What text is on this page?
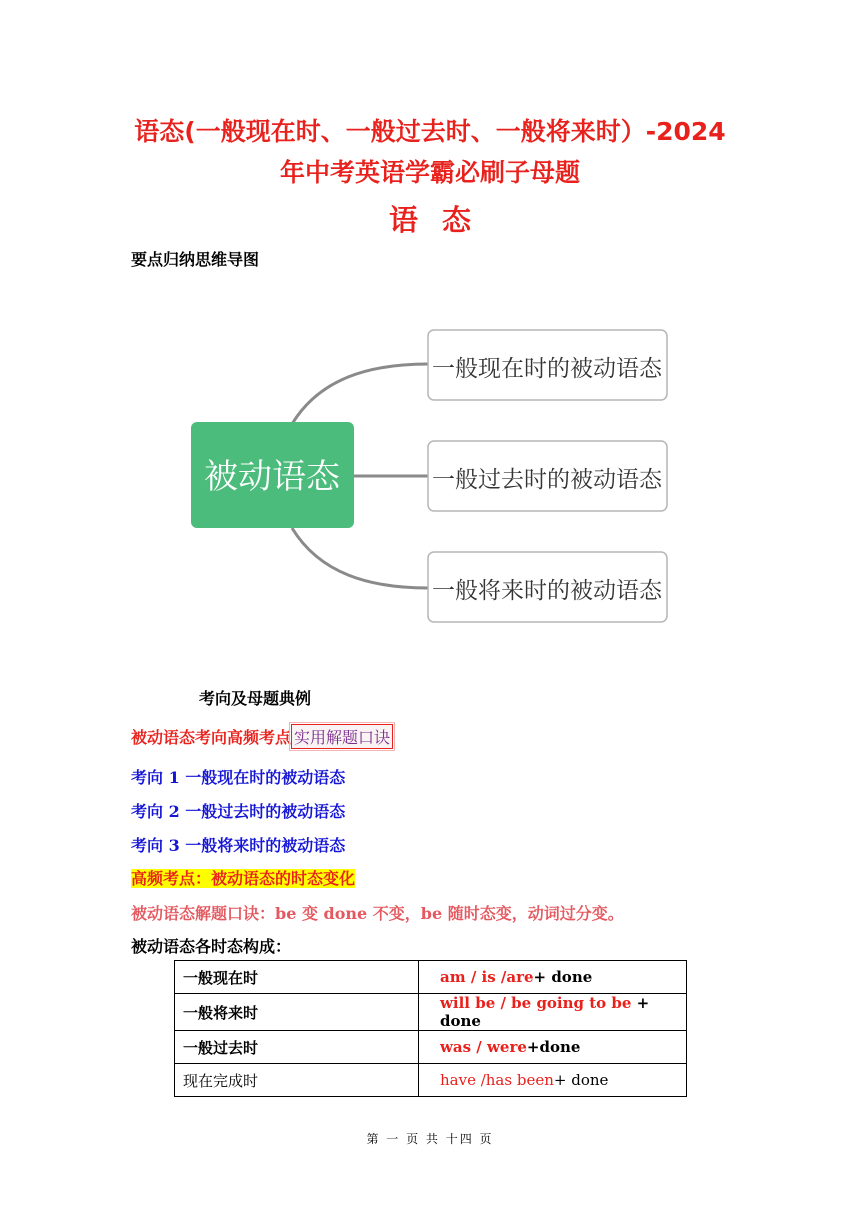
语态(一般现在时、一般过去时、一般将来时）-2024
年中考英语学霸必刷子母题
语态
要点归纳思维导图
被动语态
一般现在时的被动语态
一般过去时的被动语态
一般将来时的被动语态
考向及母题典例
被动语态考向高频考点 实用解题口诀
考向 1 一般现在时的被动语态
考向 2 一般过去时的被动语态
考向 3 一般将来时的被动语态
高频考点：被动语态的时态变化
被动语态解题口诀：be 变 done 不变，be 随时态变，动词过分变。
被动语态各时态构成：
一般现在时	am / is /are+ done
一般将来时	will be / be going to be + done
一般过去时	was / were+done
现在完成时	have /has been+ done
第 一 页 共 十四 页
